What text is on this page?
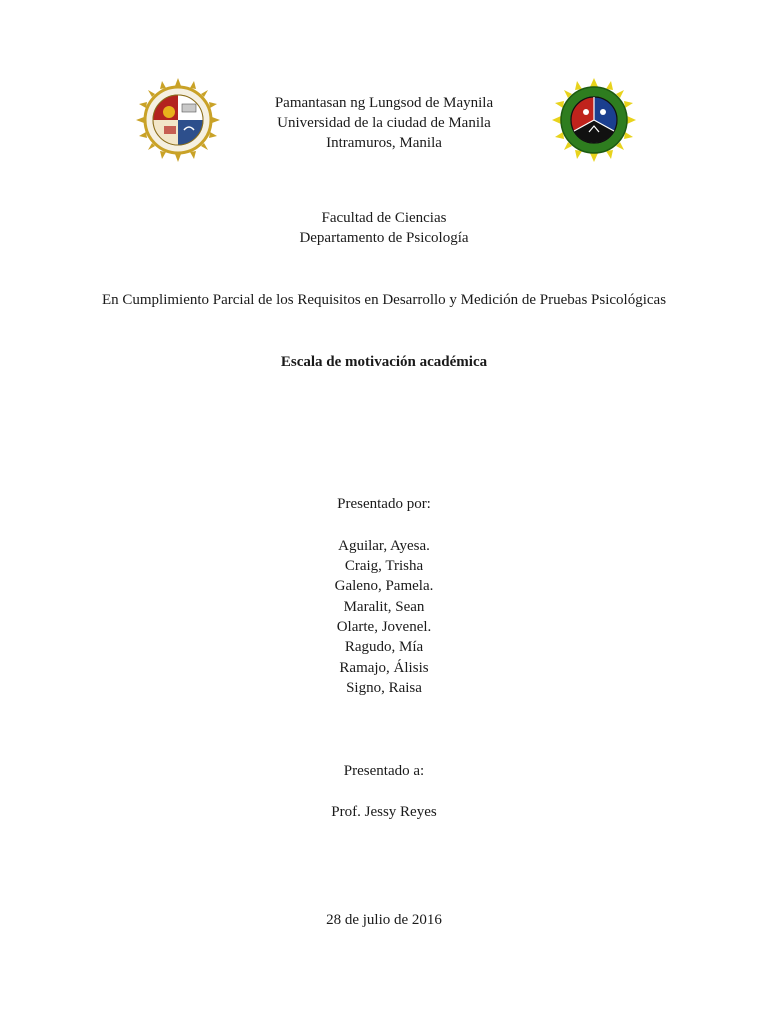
Pamantasan ng Lungsod de Maynila
Universidad de la ciudad de Manila
Intramuros, Manila
Facultad de Ciencias
Departamento de Psicología
En Cumplimiento Parcial de los Requisitos en Desarrollo y Medición de Pruebas Psicológicas
Escala de motivación académica
Presentado por:
Aguilar, Ayesa.
Craig, Trisha
Galeno, Pamela.
Maralit, Sean
Olarte, Jovenel.
Ragudo, Mía
Ramajo, Álisis
Signo, Raisa
Presentado a:
Prof. Jessy Reyes
28 de julio de 2016
